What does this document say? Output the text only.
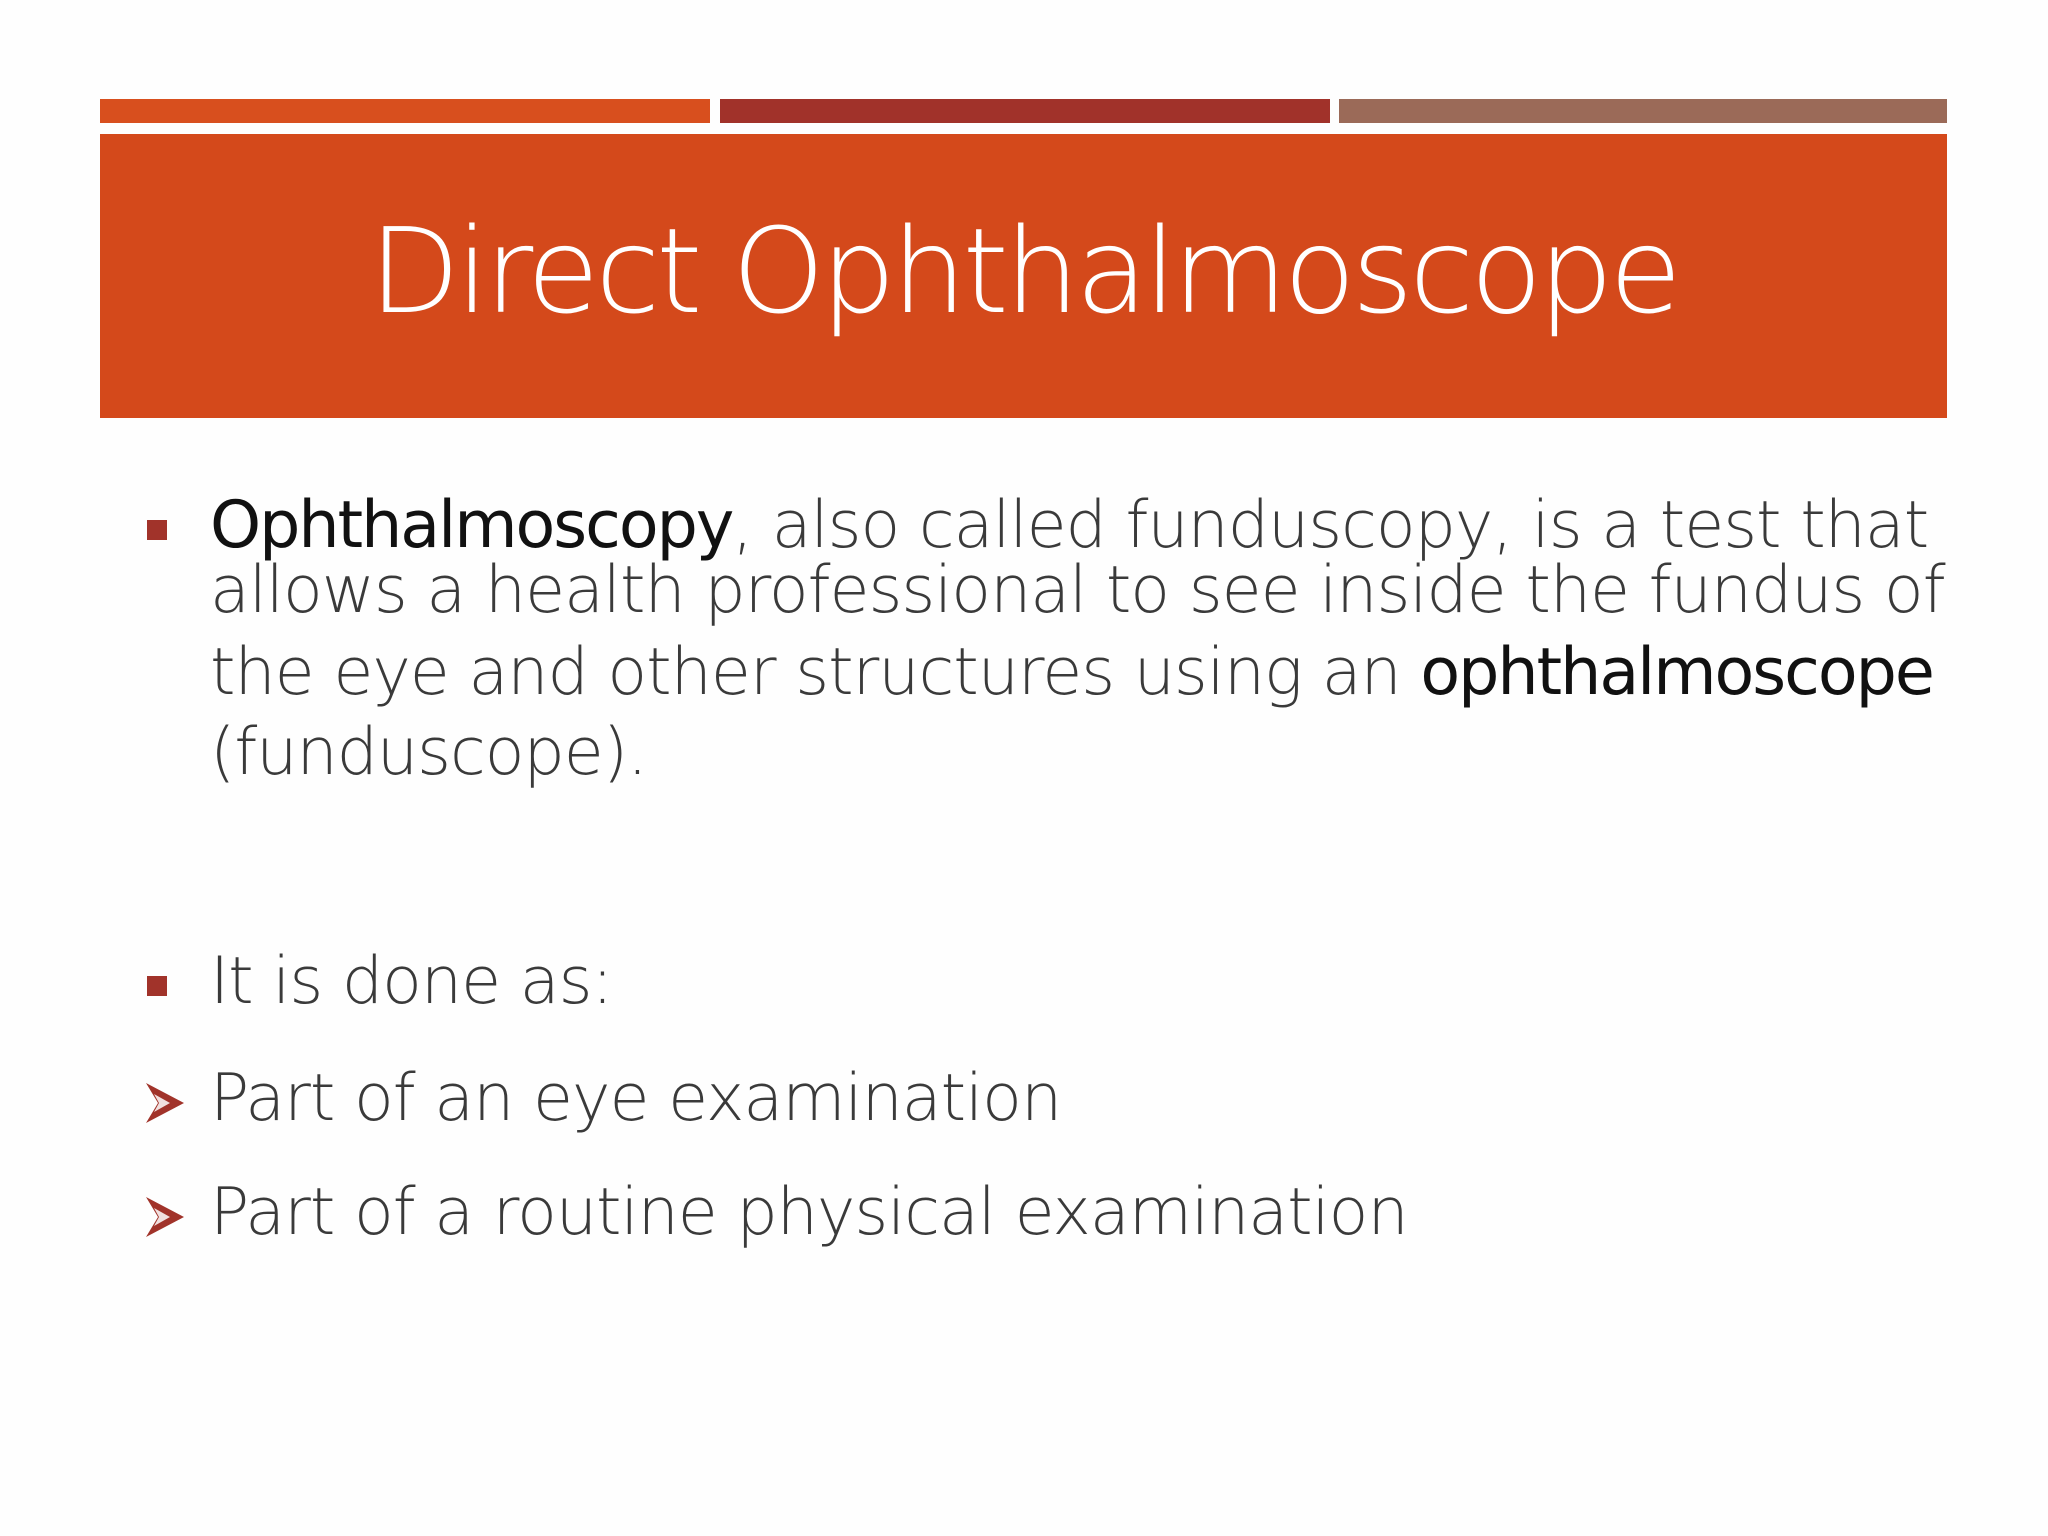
Direct Ophthalmoscope
Ophthalmoscopy, also called funduscopy, is a test that
allows a health professional to see inside the fundus of
the eye and other structures using an ophthalmoscope
(funduscope).
It is done as:
Part of an eye examination
Part of a routine physical examination
